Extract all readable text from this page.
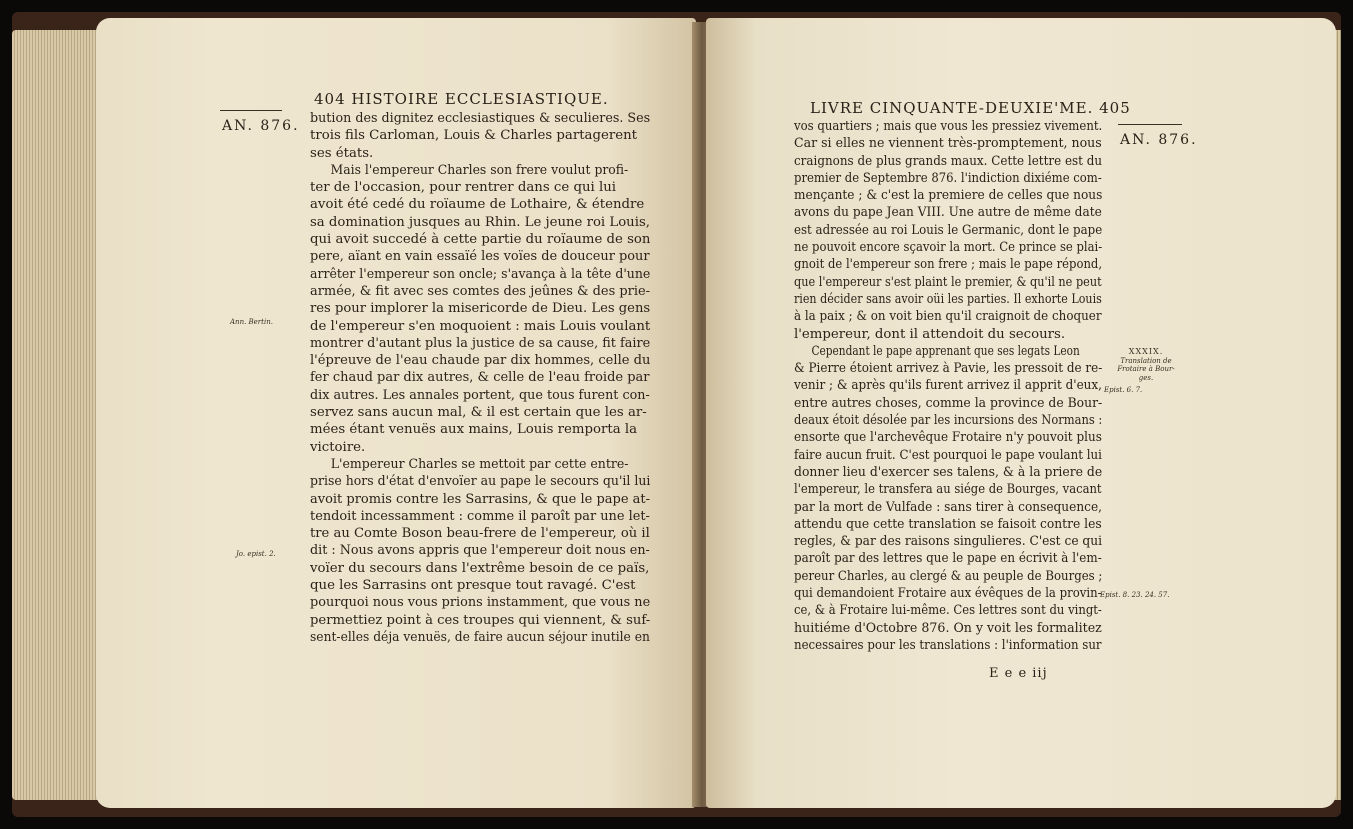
404 HISTOIRE ECCLESIASTIQUE.
AN. 876.
Ann. Bertin.
Jo. epist. 2.

bution des dignitez ecclesiastiques & seculieres. Ses

trois fils Carloman, Louis & Charles partagerent

ses états.

Mais l'empereur Charles son frere voulut profi-

ter de l'occasion, pour rentrer dans ce qui lui

avoit été cedé du roïaume de Lothaire, & étendre

sa domination jusques au Rhin. Le jeune roi Louis,

qui avoit succedé à cette partie du roïaume de son

pere, aïant en vain essaïé les voïes de douceur pour

arrêter l'empereur son oncle; s'avança à la tête d'une

armée, & fit avec ses comtes des jeûnes & des prie-

res pour implorer la misericorde de Dieu. Les gens

de l'empereur s'en moquoient : mais Louis voulant

montrer d'autant plus la justice de sa cause, fit faire

l'épreuve de l'eau chaude par dix hommes, celle du

fer chaud par dix autres, & celle de l'eau froide par

dix autres. Les annales portent, que tous furent con-

servez sans aucun mal, & il est certain que les ar-

mées étant venuës aux mains, Louis remporta la

victoire.

L'empereur Charles se mettoit par cette entre-

prise hors d'état d'envoïer au pape le secours qu'il lui

avoit promis contre les Sarrasins, & que le pape at-

tendoit incessamment : comme il paroît par une let-

tre au Comte Boson beau-frere de l'empereur, où il

dit : Nous avons appris que l'empereur doit nous en-

voïer du secours dans l'extrême besoin de ce païs,

que les Sarrasins ont presque tout ravagé. C'est

pourquoi nous vous prions instamment, que vous ne

permettiez point à ces troupes qui viennent, & suf-

sent-elles déja venuës, de faire aucun séjour inutile en

LIVRE CINQUANTE-DEUXIE'ME. 405
AN. 876.
XXXIX.
Translation de
Frotaire à Bour-
ges.
Epist. 6. 7.
Epist. 8. 23. 24. 57.

vos quartiers ; mais que vous les pressiez vivement.

Car si elles ne viennent très-promptement, nous

craignons de plus grands maux. Cette lettre est du

premier de Septembre 876. l'indiction dixiéme com-

mençante ; & c'est la premiere de celles que nous

avons du pape Jean VIII. Une autre de même date

est adressée au roi Louis le Germanic, dont le pape

ne pouvoit encore sçavoir la mort. Ce prince se plai-

gnoit de l'empereur son frere ; mais le pape répond,

que l'empereur s'est plaint le premier, & qu'il ne peut

rien décider sans avoir oüi les parties. Il exhorte Louis

à la paix ; & on voit bien qu'il craignoit de choquer

l'empereur, dont il attendoit du secours.

Cependant le pape apprenant que ses legats Leon

& Pierre étoient arrivez à Pavie, les pressoit de re-

venir ; & après qu'ils furent arrivez il apprit d'eux,

entre autres choses, comme la province de Bour-

deaux étoit désolée par les incursions des Normans :

ensorte que l'archevêque Frotaire n'y pouvoit plus

faire aucun fruit. C'est pourquoi le pape voulant lui

donner lieu d'exercer ses talens, & à la priere de

l'empereur, le transfera au siége de Bourges, vacant

par la mort de Vulfade : sans tirer à consequence,

attendu que cette translation se faisoit contre les

regles, & par des raisons singulieres. C'est ce qui

paroît par des lettres que le pape en écrivit à l'em-

pereur Charles, au clergé & au peuple de Bourges ;

qui demandoient Frotaire aux évêques de la provin-

ce, & à Frotaire lui-même. Ces lettres sont du vingt-

huitiéme d'Octobre 876. On y voit les formalitez

necessaires pour les translations : l'information sur

E e e iij
